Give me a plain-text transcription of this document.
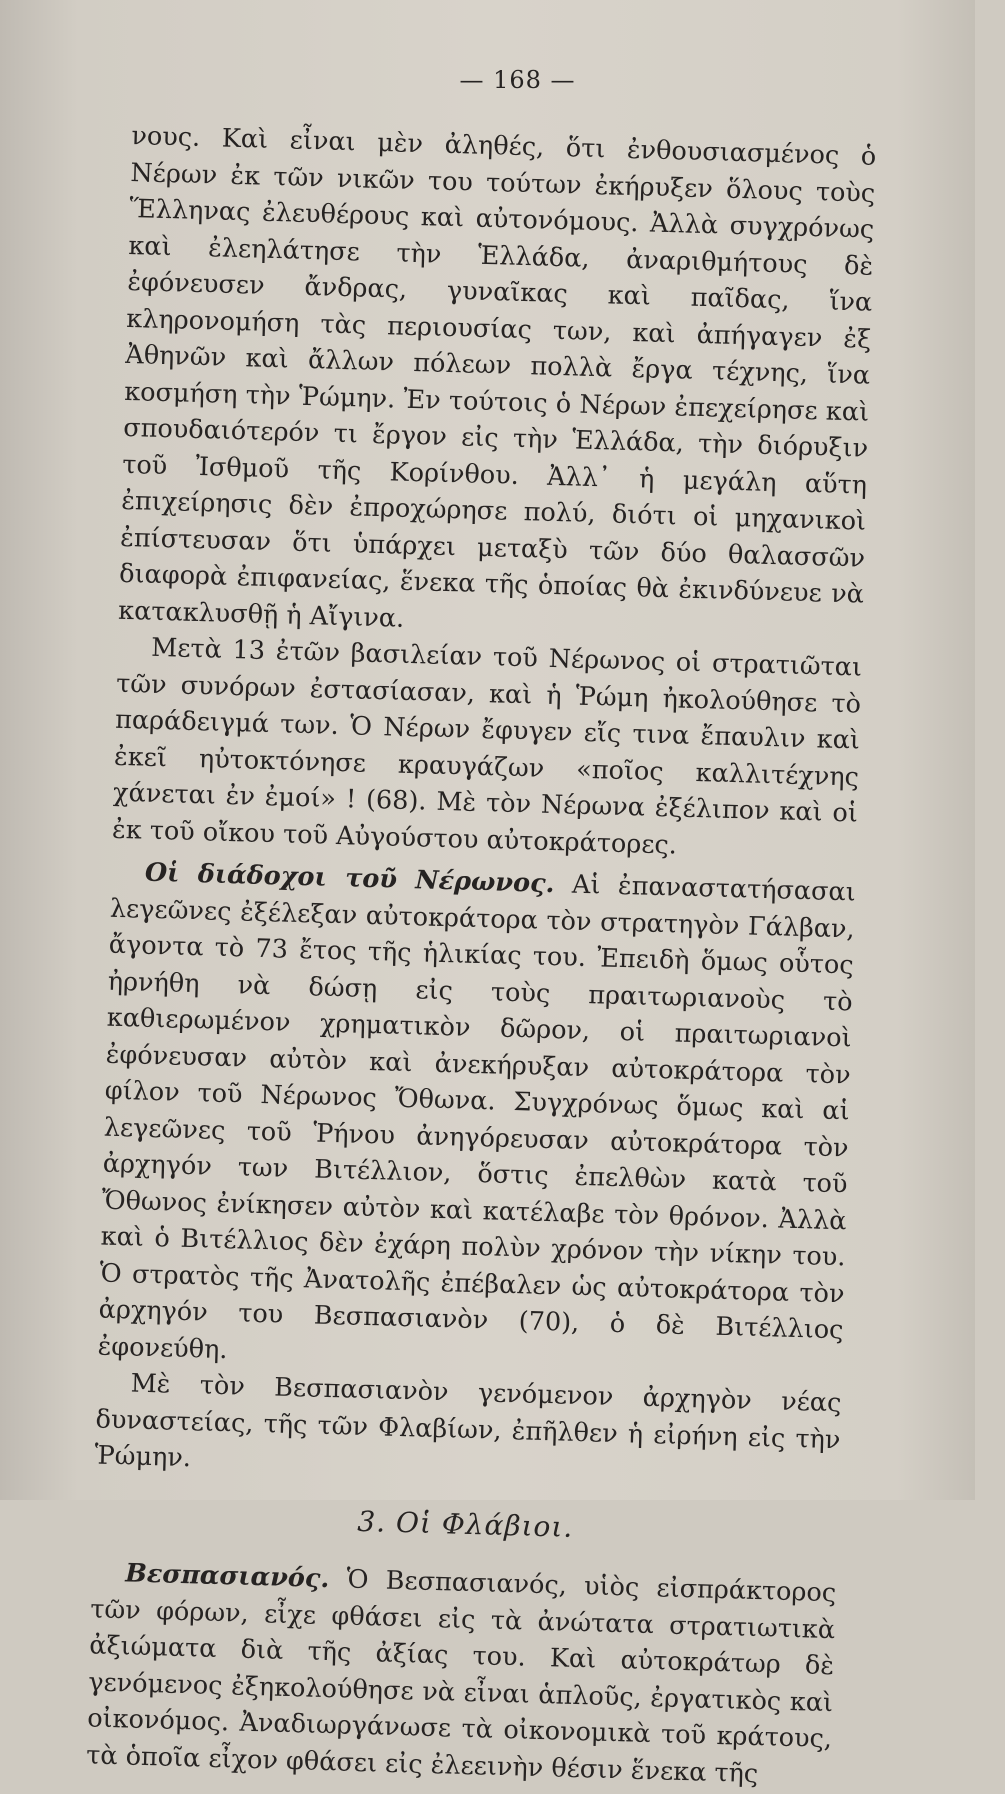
— 168 —

νους. Καὶ εἶναι μὲν ἀληθές, ὅτι ἐνθουσιασμένος ὁ Νέρων ἐκ τῶν νικῶν του τούτων ἐκήρυξεν ὅλους τοὺς Ἕλληνας ἐλευθέρους καὶ αὐτονόμους. Ἀλλὰ συγχρόνως καὶ ἐλεηλάτησε τὴν Ἑλλάδα, ἀναριθμήτους δὲ ἐφόνευσεν ἄνδρας, γυναῖκας καὶ παῖδας, ἵνα κληρονομήση τὰς περιουσίας των, καὶ ἀπήγαγεν ἐξ Ἀθηνῶν καὶ ἄλλων πόλεων πολλὰ ἔργα τέχνης, ἵνα κοσμήση τὴν Ῥώμην. Ἐν τούτοις ὁ Νέρων ἐπεχείρησε καὶ σπουδαιότερόν τι ἔργον εἰς τὴν Ἑλλάδα, τὴν διόρυξιν τοῦ Ἰσθμοῦ τῆς Κορίνθου. Ἀλλ᾽ ἡ μεγάλη αὕτη ἐπιχείρησις δὲν ἐπροχώρησε πολύ, διότι οἱ μηχανικοὶ ἐπίστευσαν ὅτι ὑπάρχει μεταξὺ τῶν δύο θαλασσῶν διαφορὰ ἐπιφανείας, ἕνεκα τῆς ὁποίας θὰ ἐκινδύνευε νὰ κατακλυσθῇ ἡ Αἴγινα.

Μετὰ 13 ἐτῶν βασιλείαν τοῦ Νέρωνος οἱ στρατιῶται τῶν συνόρων ἐστασίασαν, καὶ ἡ Ῥώμη ἠκολούθησε τὸ παράδειγμά των. Ὁ Νέρων ἔφυγεν εἴς τινα ἔπαυλιν καὶ ἐκεῖ ηὐτοκτόνησε κραυγάζων «ποῖος καλλιτέχνης χάνεται ἐν ἐμοί» ! (68). Μὲ τὸν Νέρωνα ἐξέλιπον καὶ οἱ ἐκ τοῦ οἴκου τοῦ Αὐγούστου αὐτοκράτορες.

Οἱ διάδοχοι τοῦ Νέρωνος. Αἱ ἐπαναστατήσασαι λεγεῶνες ἐξέλεξαν αὐτοκράτορα τὸν στρατηγὸν Γάλβαν, ἄγοντα τὸ 73 ἔτος τῆς ἡλικίας του. Ἐπειδὴ ὅμως οὗτος ἠρνήθη νὰ δώσῃ εἰς τοὺς πραιτωριανοὺς τὸ καθιερωμένον χρηματικὸν δῶρον, οἱ πραιτωριανοὶ ἐφόνευσαν αὐτὸν καὶ ἀνεκήρυξαν αὐτοκράτορα τὸν φίλον τοῦ Νέρωνος Ὄθωνα. Συγχρόνως ὅμως καὶ αἱ λεγεῶνες τοῦ Ῥήνου ἀνηγόρευσαν αὐτοκράτορα τὸν ἀρχηγόν των Βιτέλλιον, ὅστις ἐπελθὼν κατὰ τοῦ Ὄθωνος ἐνίκησεν αὐτὸν καὶ κατέλαβε τὸν θρόνον. Ἀλλὰ καὶ ὁ Βιτέλλιος δὲν ἐχάρη πολὺν χρόνον τὴν νίκην του. Ὁ στρατὸς τῆς Ἀνατολῆς ἐπέβαλεν ὡς αὐτοκράτορα τὸν ἀρχηγόν του Βεσπασιανὸν (70), ὁ δὲ Βιτέλλιος ἐφονεύθη.

Μὲ τὸν Βεσπασιανὸν γενόμενον ἀρχηγὸν νέας δυναστείας, τῆς τῶν Φλαβίων, ἐπῆλθεν ἡ εἰρήνη εἰς τὴν Ῥώμην.

3. Οἱ Φλάβιοι.

Βεσπασιανός. Ὁ Βεσπασιανός, υἱὸς εἰσπράκτορος τῶν φόρων, εἶχε φθάσει εἰς τὰ ἀνώτατα στρατιωτικὰ ἀξιώματα διὰ τῆς ἀξίας του. Καὶ αὐτοκράτωρ δὲ γενόμενος ἐξηκολούθησε νὰ εἶναι ἁπλοῦς, ἐργατικὸς καὶ οἰκονόμος. Ἀναδιωργάνωσε τὰ οἰκονομικὰ τοῦ κράτους, τὰ ὁποῖα εἶχον φθάσει εἰς ἐλεεινὴν θέσιν ἕνεκα τῆς
